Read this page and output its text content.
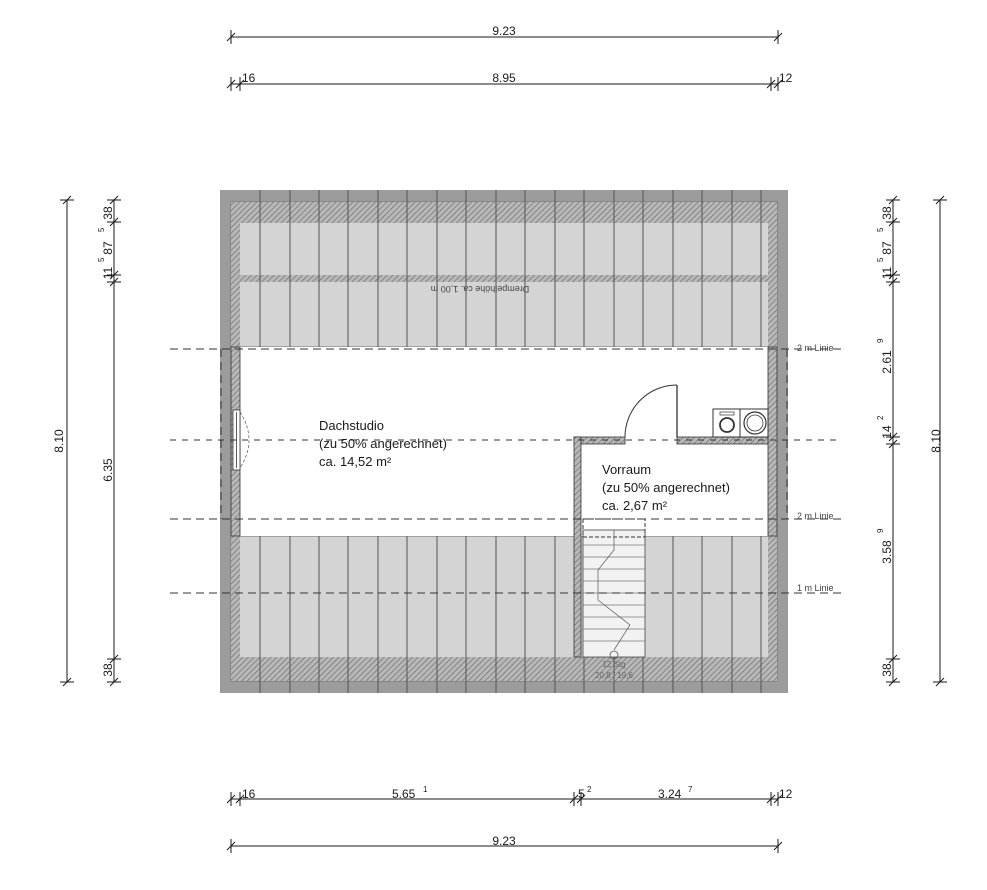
12 Stg
20,8 / 19,6
2 m Linie
2 m Linie
1 m Linie
Drempelhöhe ca. 1,00 m
Dachstudio
(zu 50% angerechnet)
ca. 14,52 m²
Vorraum
(zu 50% angerechnet)
ca. 2,67 m²
9.23
16	8.95	12
16	5.65 1	5 2	3.24 7	12
9.23
8.10
38
87
5
11
5
6.35
38
38
87
5
11
5
2.61
9
14
2
3.58
9
38
8.10
